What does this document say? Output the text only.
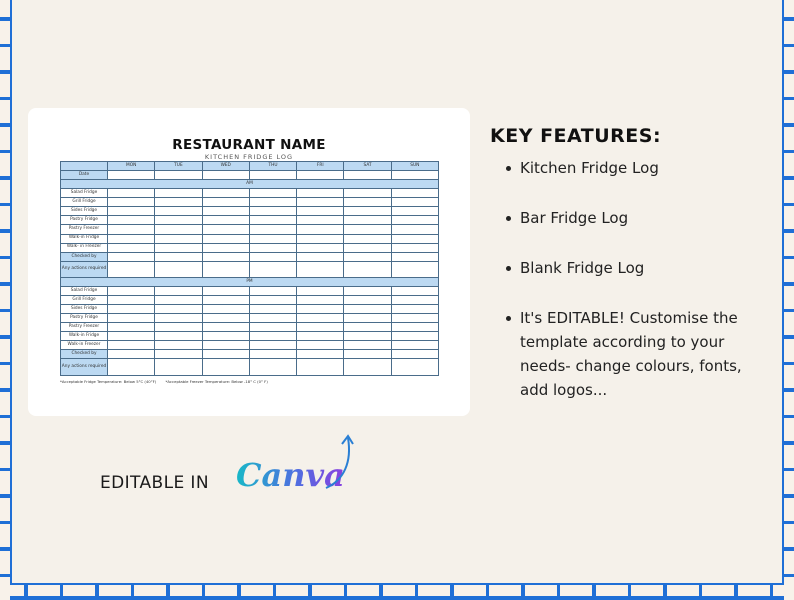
RESTAURANT NAME
KITCHEN FRIDGE LOG
	MON	TUE	WED	THU	FRI	SAT	SUN
Date							
AM							
Salad Fridge							
Grill Fridge							
Sides Fridge							
Pastry Fridge							
Pastry Freezer							
Walk-in Fridge							
Walk- in Freezer							
Checked by							
Any actions required							
PM							
Salad Fridge							
Grill Fridge							
Sides Fridge							
Pastry Fridge							
Pastry Freezer							
Walk-in Fridge							
Walk-in Freezer							
Checked by							
Any actions required							
*Acceptable Fridge Temperature: Below 5°C (40°F) *Acceptable Freezer Temperature: Below -18° C (0° F)
KEY FEATURES:
Kitchen Fridge Log
Bar Fridge Log
Blank Fridge Log
It's EDITABLE! Customise the template according to your needs- change colours, fonts, add logos...
EDITABLE IN Canva
